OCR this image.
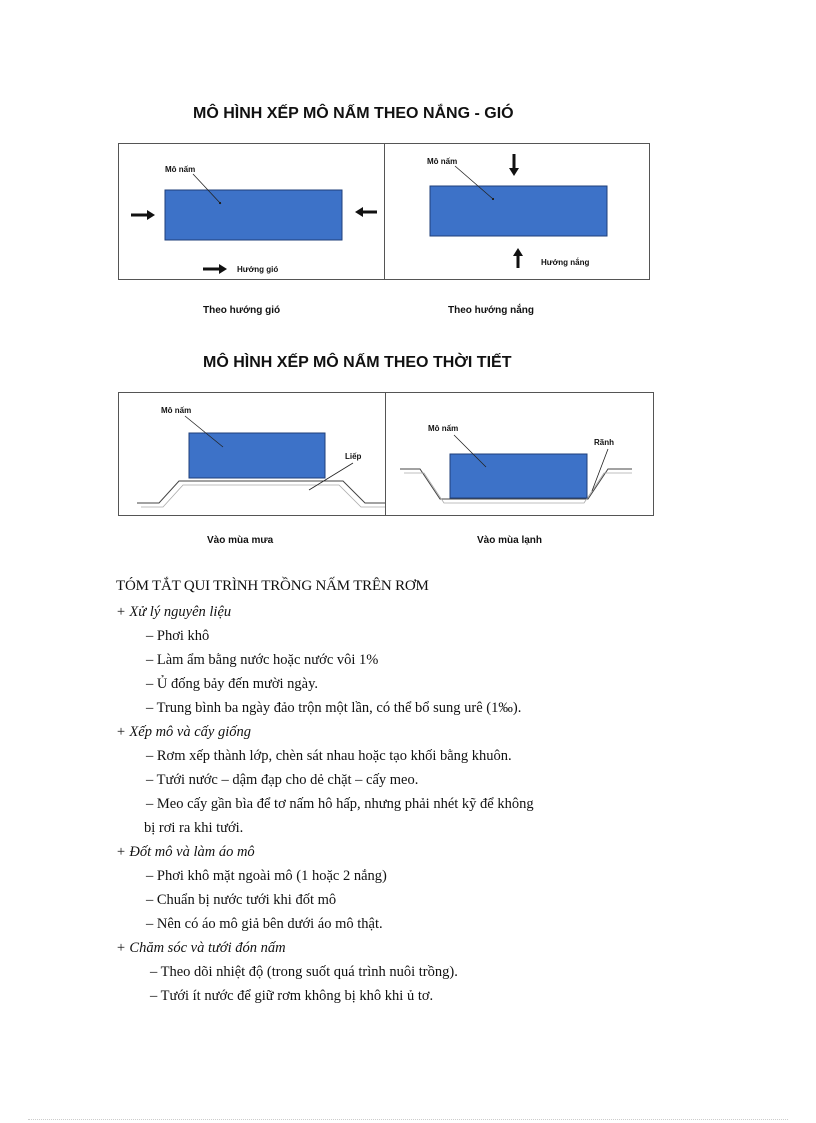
MÔ HÌNH XẾP MÔ NẤM THEO NẮNG - GIÓ
Mô nấm
Hướng gió
Mô nấm
Hướng nắng
Theo hướng gió	Theo hướng nắng
MÔ HÌNH XẾP MÔ NẤM THEO THỜI TIẾT
Mô nấm
Liếp
Mô nấm
Rãnh
Vào mùa mưa	Vào mùa lạnh

TÓM TẮT QUI TRÌNH TRỒNG NẤM TRÊN RƠM

+ Xử lý nguyên liệu

– Phơi khô

– Làm ẩm bằng nước hoặc nước vôi 1%

– Ủ đống bảy đến mười ngày.

– Trung bình ba ngày đảo trộn một lần, có thể bổ sung urê (1‰).

+ Xếp mô và cấy giống

– Rơm xếp thành lớp, chèn sát nhau hoặc tạo khối bằng khuôn.

– Tưới nước – dậm đạp cho dẻ chặt – cấy meo.

– Meo cấy gần bìa để tơ nấm hô hấp, nhưng phải nhét kỹ để không

bị rơi ra khi tưới.

+ Đốt mô và làm áo mô

– Phơi khô mặt ngoài mô (1 hoặc 2 nắng)

– Chuẩn bị nước tưới khi đốt mô

– Nên có áo mô giả bên dưới áo mô thật.

+ Chăm sóc và tưới đón nấm

– Theo dõi nhiệt độ (trong suốt quá trình nuôi trồng).

– Tưới ít nước để giữ rơm không bị khô khi ủ tơ.
